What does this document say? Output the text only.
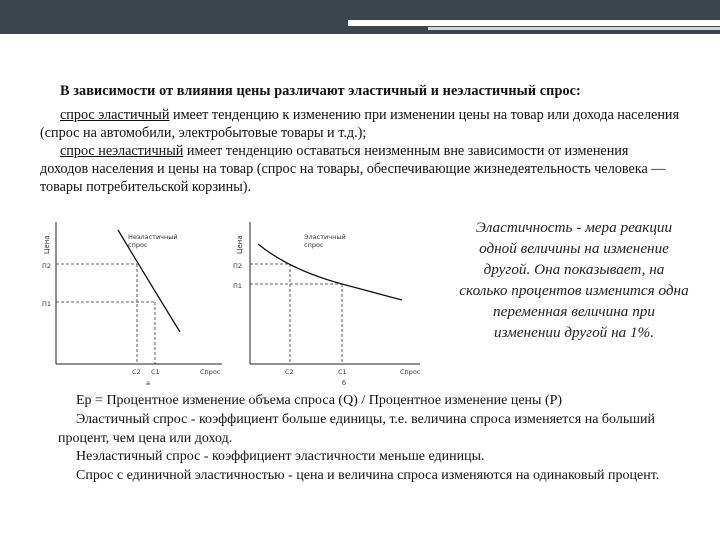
В зависимости от влияния цены различают эластичный и неэластичный спрос:

спрос эластичный имеет тенденцию к изменению при изменении цены на товар или дохода населения (спрос на автомобили, электробытовые товары и т.д.);

спрос неэластичный имеет тенденцию оставаться неизменным вне зависимости от изменения доходов населения и цены на товар (спрос на товары, обеспечивающие жизнедеятельность человека — товары потребительской корзины).

Цена
П2
П1
Неэластичный
спрос
C2 C1	Спрос
а
Цена
П2
П1
Эластичный
спрос
C2	C1	Спрос
б
Эластичность - мера реакции одной величины на изменение другой. Она показывает, на сколько процентов изменится одна переменная величина при изменении другой на 1%.

Ер = Процентное изменение объема спроса (Q) / Процентное изменение цены (Р)

Эластичный спрос - коэффициент больше единицы, т.е. величина спроса изменяется на больший процент, чем цена или доход.

Неэластичный спрос - коэффициент эластичности меньше единицы.

Спрос с единичной эластичностью - цена и величина спроса изменяются на одинаковый процент.
